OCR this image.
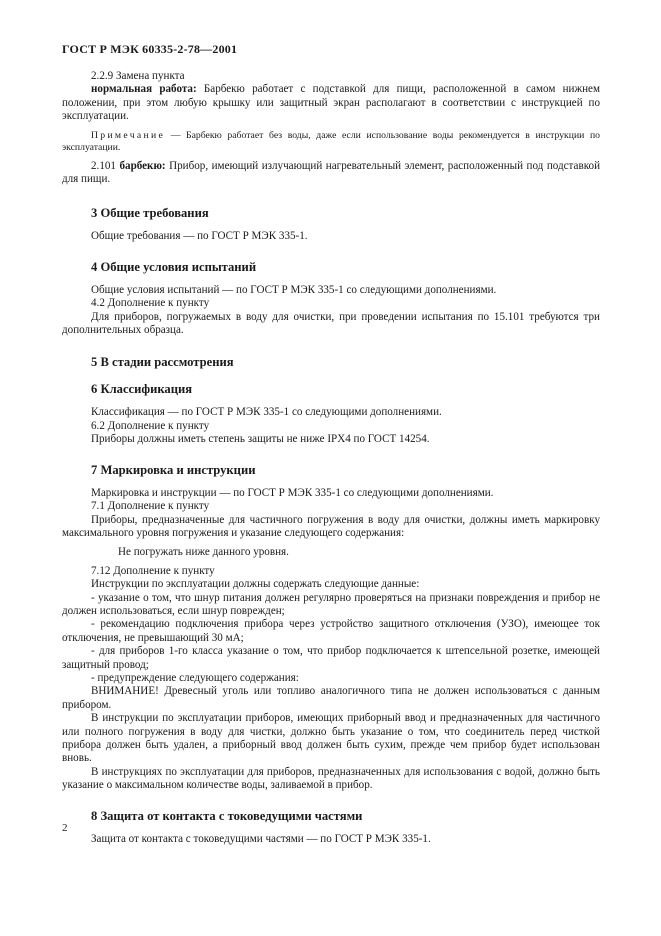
ГОСТ Р МЭК 60335-2-78—2001

2.2.9 Замена пункта

нормальная работа: Барбекю работает с подставкой для пищи, расположенной в самом нижнем положении, при этом любую крышку или защитный экран располагают в соответствии с инструкцией по эксплуатации.

Примечание — Барбекю работает без воды, даже если использование воды рекомендуется в инструкции по эксплуатации.

2.101 барбекю: Прибор, имеющий излучающий нагревательный элемент, расположенный под подставкой для пищи.

3 Общие требования

Общие требования — по ГОСТ Р МЭК 335-1.

4 Общие условия испытаний

Общие условия испытаний — по ГОСТ Р МЭК 335-1 со следующими дополнениями.

4.2 Дополнение к пункту

Для приборов, погружаемых в воду для очистки, при проведении испытания по 15.101 требуются три дополнительных образца.

5 В стадии рассмотрения
6 Классификация

Классификация — по ГОСТ Р МЭК 335-1 со следующими дополнениями.

6.2 Дополнение к пункту

Приборы должны иметь степень защиты не ниже IPX4 по ГОСТ 14254.

7 Маркировка и инструкции

Маркировка и инструкции — по ГОСТ Р МЭК 335-1 со следующими дополнениями.

7.1 Дополнение к пункту

Приборы, предназначенные для частичного погружения в воду для очистки, должны иметь маркировку максимального уровня погружения и указание следующего содержания:

Не погружать ниже данного уровня.

7.12 Дополнение к пункту

Инструкции по эксплуатации должны содержать следующие данные:

- указание о том, что шнур питания должен регулярно проверяться на признаки повреждения и прибор не должен использоваться, если шнур поврежден;

- рекомендацию подключения прибора через устройство защитного отключения (УЗО), имеющее ток отключения, не превышающий 30 мА;

- для приборов 1-го класса указание о том, что прибор подключается к штепсельной розетке, имеющей защитный провод;

- предупреждение следующего содержания:

ВНИМАНИЕ! Древесный уголь или топливо аналогичного типа не должен использоваться с данным прибором.

В инструкции по эксплуатации приборов, имеющих приборный ввод и предназначенных для частичного или полного погружения в воду для чистки, должно быть указание о том, что соединитель перед чисткой прибора должен быть удален, а приборный ввод должен быть сухим, прежде чем прибор будет использован вновь.

В инструкциях по эксплуатации для приборов, предназначенных для использования с водой, должно быть указание о максимальном количестве воды, заливаемой в прибор.

8 Защита от контакта с токоведущими частями

Защита от контакта с токоведущими частями — по ГОСТ Р МЭК 335-1.

2
